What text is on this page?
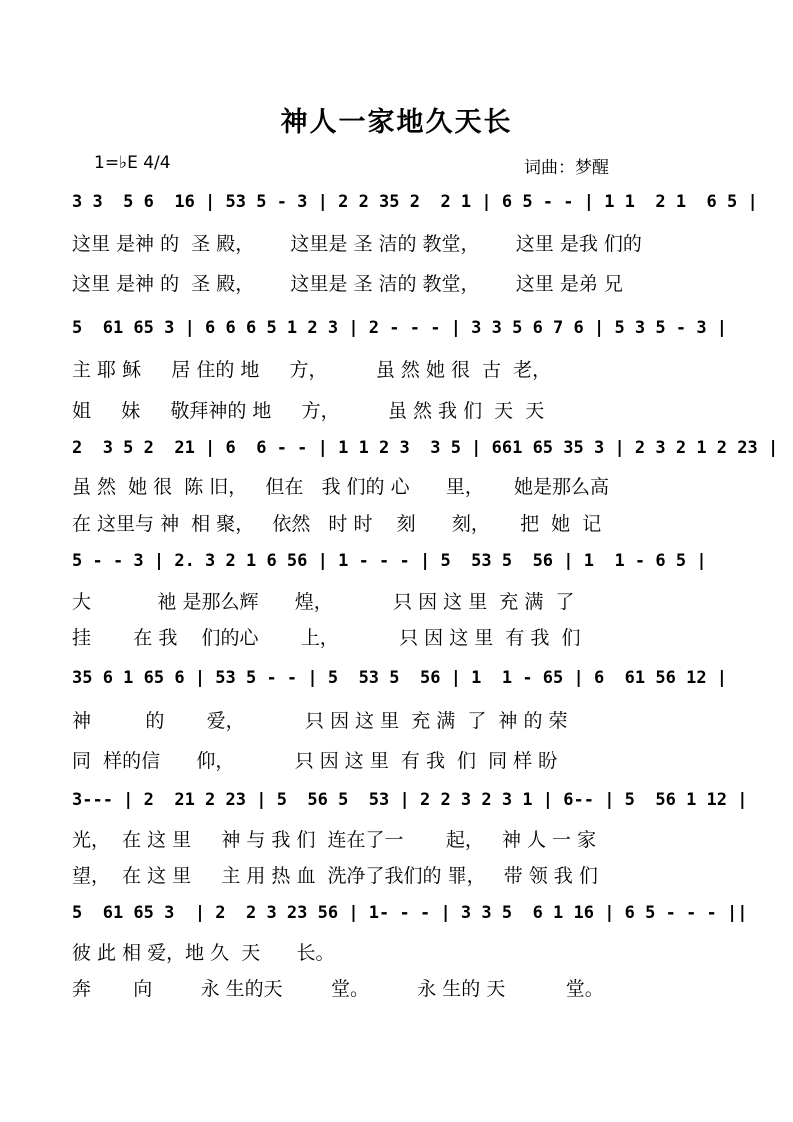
神人一家地久天长
1=♭E 4/4	词曲：梦醒
3 3  5 6  16 | 53 5 - 3 | 2 2 35 2  2 1 | 6 5 - - | 1 1  2 1  6 5 |
这里 是神 的  圣 殿，      这里是 圣 洁的 教堂，      这里 是我 们的
这里 是神 的  圣 殿，      这里是 圣 洁的 教堂，      这里 是弟 兄
5  61 65 3 | 6 6 6 5 1 2 3 | 2 - - - | 3 3 5 6 7 6 | 5 3 5 - 3 |
主 耶 稣     居 住的 地     方，        虽 然 她 很  古  老，
姐     妹     敬拜神的 地     方，        虽 然 我 们  天  天
2  3 5 2  21 | 6  6 - - | 1 1 2 3  3 5 | 661 65 35 3 | 2 3 2 1 2 23 |
虽 然  她 很  陈 旧，   但在   我 们的 心      里，     她是那么高
在 这里与 神  相 聚，   依然   时 时    刻      刻，     把  她  记
5 - - 3 | 2. 3 2 1 6 56 | 1 - - - | 5  53 5  56 | 1  1 - 6 5 |
大           祂 是那么辉      煌，          只 因 这 里  充 满  了
挂       在 我    们的心       上，          只 因 这 里  有 我  们
35 6 1 65 6 | 53 5 - - | 5  53 5  56 | 1  1 - 65 | 6  61 56 12 |
神         的       爱，          只 因 这 里  充 满  了  神 的 荣
同  样的信      仰，          只 因 这 里  有 我  们  同 样 盼
3--- | 2  21 2 23 | 5  56 5  53 | 2 2 3 2 3 1 | 6-- | 5  56 1 12 |
光，  在 这 里     神 与 我 们  连在了一       起，   神 人 一 家
望，  在 这 里     主 用 热 血  洗净了我们的 罪，   带 领 我 们
5  61 65 3  | 2  2 3 23 56 | 1- - - | 3 3 5  6 1 16 | 6 5 - - - ||
彼 此 相 爱，地 久  天      长。
奔       向        永 生的天        堂。        永 生的 天          堂。
